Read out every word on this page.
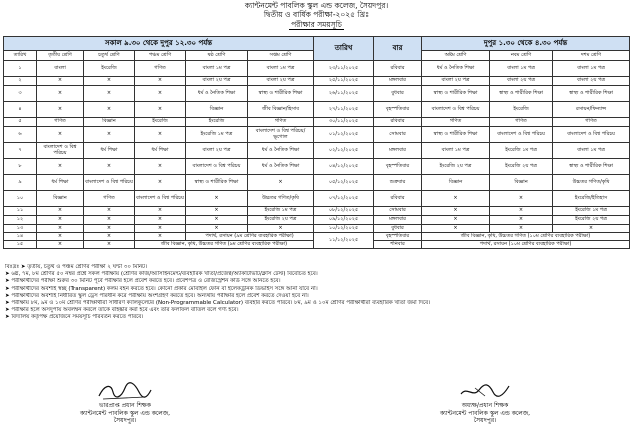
ক্যান্টনমেন্ট পাবলিক স্কুল এন্ড কলেজ, সৈয়দপুর।
দ্বিতীয় ও বার্ষিক পরীক্ষা-২০২৫ খ্রিঃ
পরীক্ষার সময়সূচি
সকাল ৯.৩০ থেকে দুপুর ১২.৩০ পর্যন্ত						তারিখ	বার	দুপুর ১.৩০ থেকে ৪.৩০ পর্যন্ত		
তারিখ	তৃতীয় শ্রেণি	চতুর্থ শ্রেণি	পঞ্চম শ্রেণি	ষষ্ঠ শ্রেণি	সপ্তম শ্রেণি			অষ্টম শ্রেণি	নবম শ্রেণি	দশম শ্রেণি
১	বাংলা	ইংরেজি	গণিত	বাংলা ১ম পত্র	বাংলা ১ম পত্র	২৩/১১/২০২৫	রবিবার	ধর্ম ও নৈতিক শিক্ষা	বাংলা ১ম পত্র	বাংলা ১ম পত্র
২	×	×	×	বাংলা ২য় পত্র	বাংলা ২য় পত্র	২৫/১১/২০২৫	মঙ্গলবার	বাংলা ২য় পত্র	বাংলা ২য় পত্র	বাংলা ২য় পত্র
৩	×	×	×	ধর্ম ও নৈতিক শিক্ষা	স্বাস্থ্য ও শারীরিক শিক্ষা	২৬/১১/২০২৫	বুধবার	স্বাস্থ্য ও শারীরিক শিক্ষা	স্বাস্থ্য ও শারীরিক শিক্ষা	স্বাস্থ্য ও শারীরিক শিক্ষা
৪	×	×	×	বিজ্ঞান	জীব বিজ্ঞান/হিসাব	২৭/১১/২০২৫	বৃহস্পতিবার	বাংলাদেশ ও বিশ্ব পরিচয়	ইংরেজি	রসায়ন/ফিন্যান্স
৫	গণিত	বিজ্ঞান	ইংরেজি	ইংরেজি	গণিত	৩০/১১/২০২৫	রবিবার	গণিত	গণিত	গণিত
৬	×	×	×	ইংরেজি ১ম পত্র	বাংলাদেশ ও বিশ্ব পরিচয়/ভূগোল	০১/১২/২০২৫	সোমবার	স্বাস্থ্য ও শারীরিক শিক্ষা	বাংলাদেশ ও বিশ্ব পরিচয়	বাংলাদেশ ও বিশ্ব পরিচয়
৭	বাংলাদেশ ও বিশ্ব পরিচয়	ধর্ম শিক্ষা	ধর্ম শিক্ষা	বাংলা ২য় পত্র	ধর্ম ও নৈতিক শিক্ষা	০২/১২/২০২৫	মঙ্গলবার	বাংলা ১ম পত্র	ইংরেজি ১ম পত্র	বাংলা ১ম পত্র
৮	×	×	×	বাংলাদেশ ও বিশ্ব পরিচয়	ধর্ম ও নৈতিক শিক্ষা	০৪/১২/২০২৫	বৃহস্পতিবার	ইংরেজি ২য় পত্র	ইংরেজি ২য় পত্র	স্বাস্থ্য ও শারীরিক শিক্ষা
৯	ধর্ম শিক্ষা	বাংলাদেশ ও বিশ্ব পরিচয়	×	স্বাস্থ্য ও শারীরিক শিক্ষা	×	০৫/১২/২০২৫	শুক্রবার	বিজ্ঞান	বিজ্ঞান	উচ্চতর গণিত/কৃষি
১০	বিজ্ঞান	গণিত	বাংলাদেশ ও বিশ্ব পরিচয়	×	উচ্চতর গণিত/কৃষি	০৭/১২/২০২৫	রবিবার	×	×	ইংরেজি/ইতিহাস
১১	×	×	×	×	ইংরেজি ১ম পত্র	০৮/১২/২০২৫	সোমবার	×	×	ইংরেজি ১ম পত্র
১২	×	×	×	×	ইংরেজি ২য় পত্র	০৯/১২/২০২৫	মঙ্গলবার	×	×	ইংরেজি ২য় পত্র
১৩	×	×	×	×	×	১০/১২/২০২৫	বুধবার	×	×	×
১৪	×	×	×	পদার্থ, রসায়ন (৯ম শ্রেণির ব্যবহারিক পরীক্ষা)		১১/১২/২০২৫	বৃহস্পতিবার	জীব বিজ্ঞান, কৃষি, উচ্চতর গণিত (১০ম শ্রেণির ব্যবহারিক পরীক্ষা)		
১৫	×	×	জীব বিজ্ঞান, কৃষি, উচ্চতর গণিত (৯ম শ্রেণির ব্যবহারিক পরীক্ষা)				শনিবার	পদার্থ, রসায়ন (১০ম শ্রেণির ব্যবহারিক পরীক্ষা)		
বিঃদ্রঃ ➤ তৃতীয়, চতুর্থ ও পঞ্চম শ্রেণির পরীক্ষা ২ ঘন্টা ৩০ মিনিট।
➤ ৬ষ্ঠ, ৭ম, ৮ম শ্রেণির ৫০ নম্বর প্রশ্নে সকল পরীক্ষায় (শ্রেণির কাজ/অ্যাসাইনমেন্ট/ব্যবহারিক খাতা/প্রজেক্ট/অ্যাকটিভিটি/ক্লাস টেস্ট) বিবেচিত হবে।
➤ পরীক্ষার্থীদের পরীক্ষা শুরুর ৩০ মিনিট পূর্বে পরীক্ষার হলে প্রবেশ করতে হবে। প্রবেশপত্র ও রেজিস্ট্রেশন কার্ড সঙ্গে আনতে হবে।
➤ পরীক্ষার্থীদের অবশ্যই স্বচ্ছ (Transparent) কলম বহন করতে হবে। কোনো প্রকার মোবাইল ফোন বা ইলেকট্রনিক ডিভাইস সঙ্গে আনা যাবে না।
➤ পরীক্ষার্থীদের অবশ্যই নির্ধারিত স্কুল ড্রেস পরিধান করে পরীক্ষায় অংশগ্রহণ করতে হবে। অন্যথায় পরীক্ষার হলে প্রবেশ করতে দেওয়া হবে না।
➤ পরীক্ষায় ৮ম, ৯ম ও ১০ম শ্রেণির পরীক্ষার্থীরা সাধারণ ক্যালকুলেটর (Non-Programmable Calculator) ব্যবহার করতে পারবে। ৮ম, ৯ম ও ১০ম শ্রেণির পরীক্ষার্থীরা ব্যবহারিক খাতা জমা দিবে।
➤ পরীক্ষার হলে অসদুপায় অবলম্বন করলে তাকে বহিষ্কার করা হবে এবং তার ফলাফল বাতিল বলে গণ্য হবে।
➤ বিদ্যালয় কর্তৃপক্ষ প্রয়োজনে সময়সূচি পরিবর্তন করতে পারবে।
ভারপ্রাপ্ত প্রধান শিক্ষক
ক্যান্টনমেন্ট পাবলিক স্কুল এন্ড কলেজ,
সৈয়দপুর।
অধ্যক্ষ/প্রধান শিক্ষক
ক্যান্টনমেন্ট পাবলিক স্কুল এন্ড কলেজ,
সৈয়দপুর।
